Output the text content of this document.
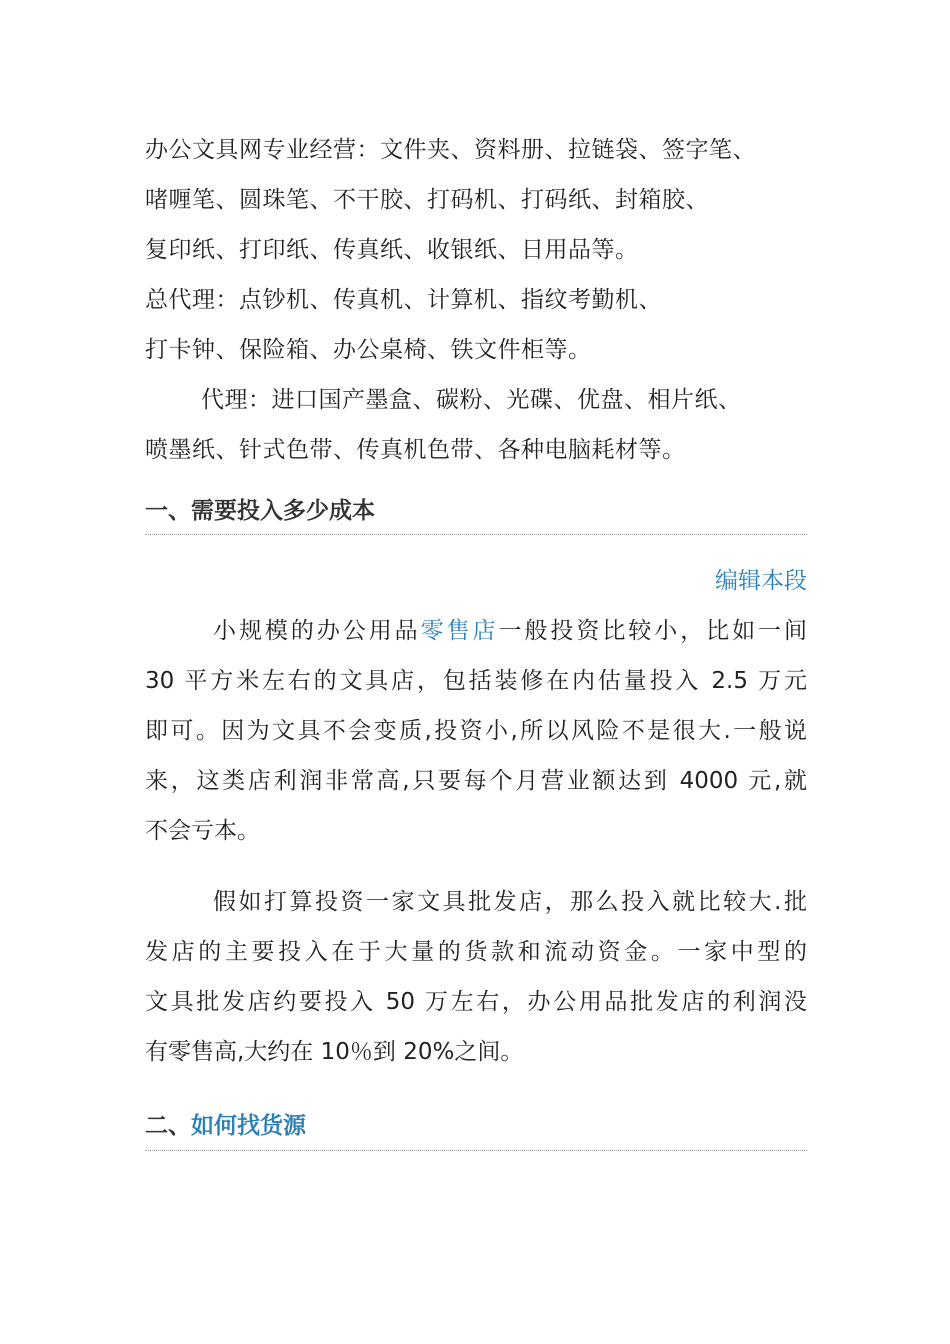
办公文具网专业经营：文件夹、资料册、拉链袋、签字笔、
啫喱笔、圆珠笔、不干胶、打码机、打码纸、封箱胶、
复印纸、打印纸、传真纸、收银纸、日用品等。
总代理：点钞机、传真机、计算机、指纹考勤机、
打卡钟、保险箱、办公桌椅、铁文件柜等。
代理：进口国产墨盒、碳粉、光碟、优盘、相片纸、
喷墨纸、针式色带、传真机色带、各种电脑耗材等。
一、需要投入多少成本
编辑本段
小规模的办公用品零售店一般投资比较小，比如一间
30 平方米左右的文具店，包括装修在内估量投入 2.5 万元
即可。因为文具不会变质,投资小,所以风险不是很大.一般说
来，这类店利润非常高,只要每个月营业额达到 4000 元,就
不会亏本。
假如打算投资一家文具批发店，那么投入就比较大.批
发店的主要投入在于大量的货款和流动资金。一家中型的
文具批发店约要投入 50 万左右，办公用品批发店的利润没
有零售高,大约在 10％到 20%之间。
二、如何找货源
